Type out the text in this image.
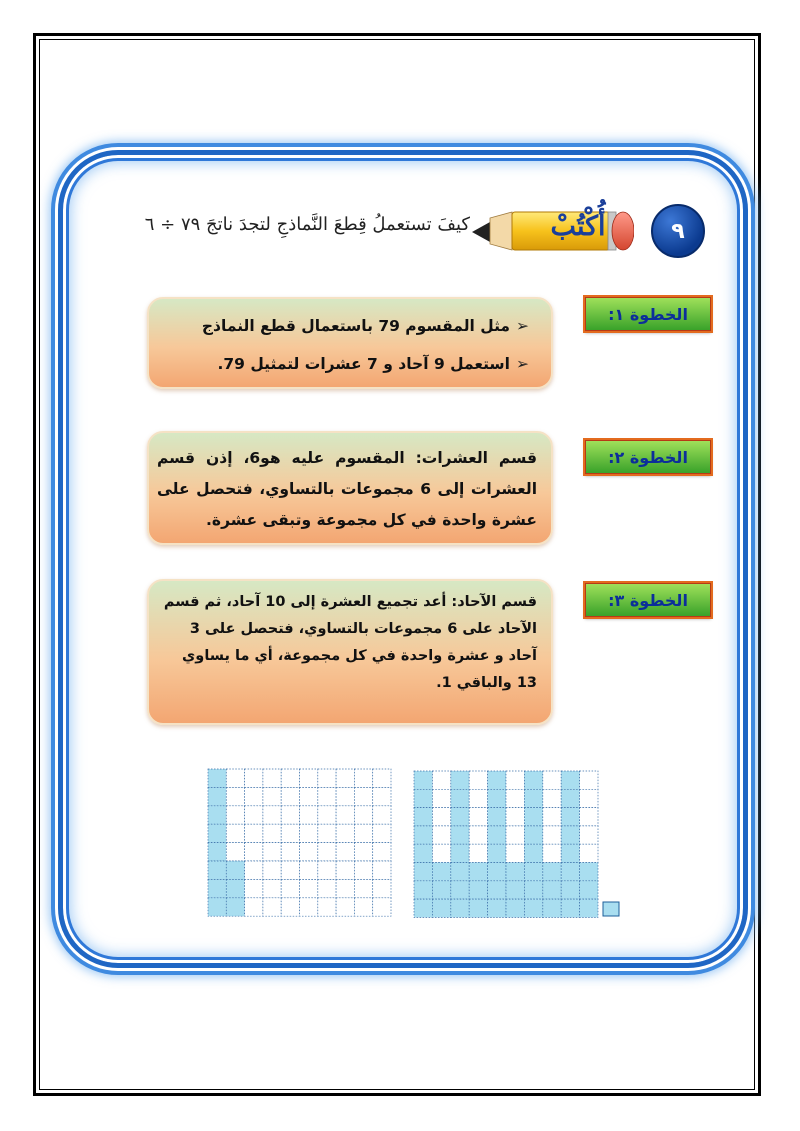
٩
أُكْتُبْ
كيفَ تستعملُ قِطعَ النَّماذجِ لتجدَ ناتجَ ٧٩ ÷ ٦
الخطوة ١:
➢مثل المقسوم 79 باستعمال قطع النماذج
➢استعمل 9 آحاد و 7 عشرات لتمثيل 79.
الخطوة ٢:
قسم العشرات: المقسوم عليه هو6، إذن قسم العشرات إلى 6 مجموعات بالتساوي، فتحصل على عشرة واحدة في كل مجموعة وتبقى عشرة.
الخطوة ٣:
قسم الآحاد: أعد تجميع العشرة إلى 10 آحاد، ثم قسم الآحاد على 6 مجموعات بالتساوي، فتحصل على 3 آحاد و عشرة واحدة في كل مجموعة، أي ما يساوي 13 والباقي 1.
